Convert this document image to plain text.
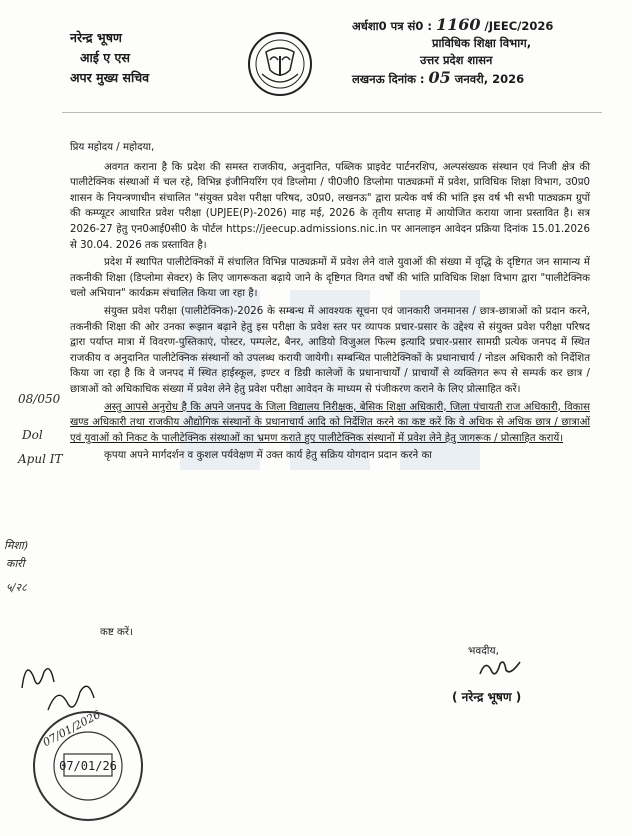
नरेन्द्र भूषण
आई ए एस
अपर मुख्य सचिव
अर्धशा0 पत्र सं0 : 1160 /JEEC/2026
प्राविधिक शिक्षा विभाग,
उत्तर प्रदेश शासन
लखनऊ दिनांक : 05 जनवरी, 2026

प्रिय महोदय / महोदया,

अवगत कराना है कि प्रदेश की समस्त राजकीय, अनुदानित, पब्लिक प्राइवेट पार्टनरशिप, अल्पसंख्यक संस्थान एवं निजी क्षेत्र की पालीटेक्निक संस्थाओं में चल रहे, विभिन्न इंजीनियरिंग एवं डिप्लोमा / पी0जी0 डिप्लोमा पाठ्यक्रमों में प्रवेश, प्राविधिक शिक्षा विभाग, उ0प्र0 शासन के नियन्त्रणाधीन संचालित "संयुक्त प्रवेश परीक्षा परिषद, उ0प्र0, लखनऊ" द्वारा प्रत्येक वर्ष की भांति इस वर्ष भी सभी पाठ्यक्रम ग्रुपों की कम्प्यूटर आधारित प्रवेश परीक्षा (UPJEE(P)-2026) माह मई, 2026 के तृतीय सप्ताह में आयोजित कराया जाना प्रस्तावित है। सत्र 2026-27 हेतु एन0आई0सी0 के पोर्टल https://jeecup.admissions.nic.in पर आनलाइन आवेदन प्रक्रिया दिनांक 15.01.2026 से 30.04. 2026 तक प्रस्तावित है।

प्रदेश में स्थापित पालीटेक्निकों में संचालित विभिन्न पाठ्यक्रमों में प्रवेश लेने वाले युवाओं की संख्या में वृद्धि के दृष्टिगत जन सामान्य में तकनीकी शिक्षा (डिप्लोमा सेक्टर) के लिए जागरूकता बढ़ाये जाने के दृष्टिगत विगत वर्षों की भांति प्राविधिक शिक्षा विभाग द्वारा "पालीटेक्निक चलो अभियान" कार्यक्रम संचालित किया जा रहा है।

संयुक्त प्रवेश परीक्षा (पालीटेक्निक)-2026 के सम्बन्ध में आवश्यक सूचना एवं जानकारी जनमानस / छात्र-छात्राओं को प्रदान करने, तकनीकी शिक्षा की ओर उनका रूझान बढ़ाने हेतु इस परीक्षा के प्रवेश स्तर पर व्यापक प्रचार-प्रसार के उद्देश्य से संयुक्त प्रवेश परीक्षा परिषद द्वारा पर्याप्त मात्रा में विवरण-पुस्तिकाएं, पोस्टर, पम्पलेट, बैनर, आडियो विजुअल फिल्म इत्यादि प्रचार-प्रसार सामग्री प्रत्येक जनपद में स्थित राजकीय व अनुदानित पालीटेक्निक संस्थानों को उपलब्ध करायी जायेगी। सम्बन्धित पालीटेक्निकों के प्रधानाचार्य / नोडल अधिकारी को निर्देशित किया जा रहा है कि वे जनपद में स्थित हाईस्कूल, इण्टर व डिग्री कालेजों के प्रधानाचार्यों / प्राचार्यों से व्यक्तिगत रूप से सम्पर्क कर छात्र / छात्राओं को अधिकाधिक संख्या में प्रवेश लेने हेतु प्रवेश परीक्षा आवेदन के माध्यम से पंजीकरण कराने के लिए प्रोत्साहित करें।

अस्तु आपसे अनुरोध है कि अपने जनपद के जिला विद्यालय निरीक्षक, बेसिक शिक्षा अधिकारी, जिला पंचायती राज अधिकारी, विकास खण्ड अधिकारी तथा राजकीय औद्योगिक संस्थानों के प्रधानाचार्य आदि को निर्देशित करने का कष्ट करें कि वे अधिक से अधिक छात्र / छात्राओं एवं युवाओं को निकट के पालीटेक्निक संस्थाओं का भ्रमण कराते हुए पालीटेक्निक संस्थानों में प्रवेश लेने हेतु जागरूक / प्रोत्साहित करायें।

कृपया अपने मार्गदर्शन व कुशल पर्यवेक्षण में उक्त कार्य हेतु सक्रिय योगदान प्रदान करने का

कष्ट करें।
भवदीय,
( नरेन्द्र भूषण )
08/050
Dol
Apul IT
मिशा)
कारी
५/२८
07/01/2026
07/01/26
